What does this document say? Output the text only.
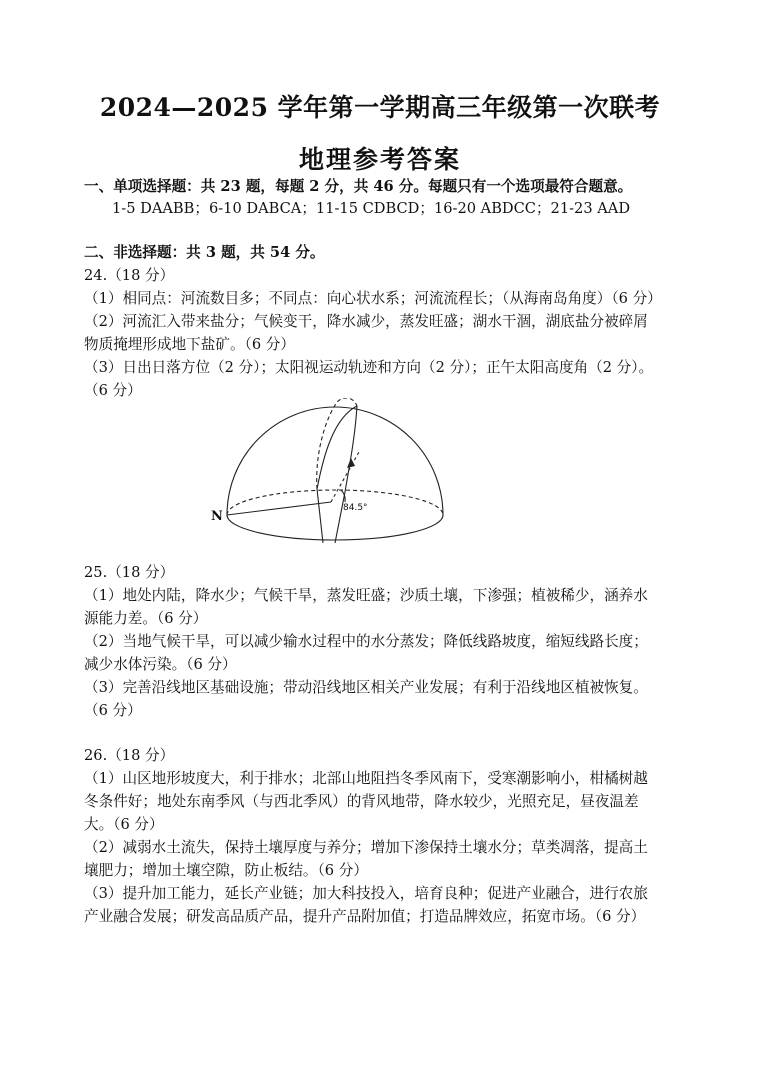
2024—2025 学年第一学期高三年级第一次联考
地理参考答案
一、单项选择题：共 23 题，每题 2 分，共 46 分。每题只有一个选项最符合题意。
1-5 DAABB；6-10 DABCA；11-15 CDBCD；16-20 ABDCC；21-23 AAD
二、非选择题：共 3 题，共 54 分。
24.（18 分）
（1）相同点：河流数目多；不同点：向心状水系；河流流程长；（从海南岛角度）（6 分）
（2）河流汇入带来盐分；气候变干，降水减少，蒸发旺盛；湖水干涸，湖底盐分被碎屑
物质掩埋形成地下盐矿。（6 分）
（3）日出日落方位（2 分）；太阳视运动轨迹和方向（2 分）；正午太阳高度角（2 分）。
（6 分）
N
84.5°
25.（18 分）
（1）地处内陆，降水少；气候干旱，蒸发旺盛；沙质土壤，下渗强；植被稀少，涵养水
源能力差。（6 分）
（2）当地气候干旱，可以减少输水过程中的水分蒸发；降低线路坡度，缩短线路长度；
减少水体污染。（6 分）
（3）完善沿线地区基础设施；带动沿线地区相关产业发展；有利于沿线地区植被恢复。
（6 分）
26.（18 分）
（1）山区地形坡度大，利于排水；北部山地阻挡冬季风南下，受寒潮影响小，柑橘树越
冬条件好；地处东南季风（与西北季风）的背风地带，降水较少，光照充足，昼夜温差
大。（6 分）
（2）减弱水土流失，保持土壤厚度与养分；增加下渗保持土壤水分；草类凋落，提高土
壤肥力；增加土壤空隙，防止板结。（6 分）
（3）提升加工能力，延长产业链；加大科技投入，培育良种；促进产业融合，进行农旅
产业融合发展；研发高品质产品，提升产品附加值；打造品牌效应，拓宽市场。（6 分）
